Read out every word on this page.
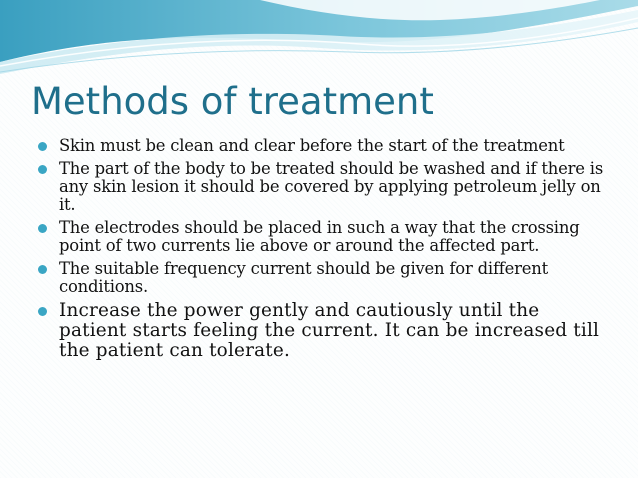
Methods of treatment
Skin must be clean and clear before the start of the treatment
The part of the body to be treated should be washed and if there is any skin lesion it should be covered by applying petroleum jelly on it.
The electrodes should be placed in such a way that the crossing point of two currents lie above or around the affected part.
The suitable frequency current should be given for different conditions.
Increase the power gently and cautiously until the patient starts feeling the current. It can be increased till the patient can tolerate.
